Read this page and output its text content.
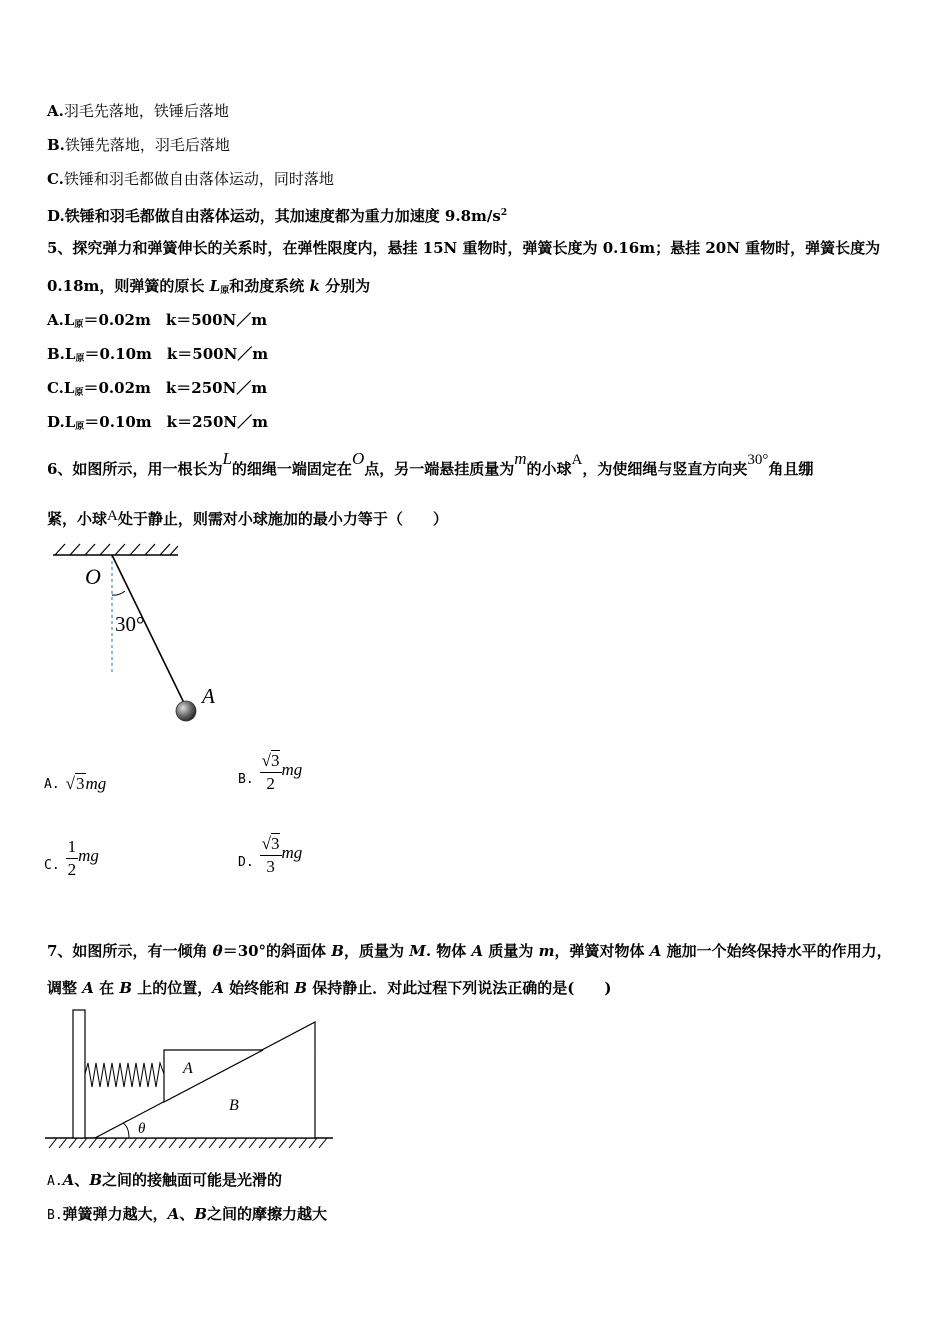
A.羽毛先落地，铁锤后落地
B.铁锤先落地，羽毛后落地
C.铁锤和羽毛都做自由落体运动，同时落地
D.铁锤和羽毛都做自由落体运动，其加速度都为重力加速度 $9.8m/s^2$
5、探究弹力和弹簧伸长的关系时，在弹性限度内，悬挂 15N 重物时，弹簧长度为 0.16m；悬挂 20N 重物时，弹簧长度为
0.18m，则弹簧的原长 $L_原$和劲度系统 k 分别为
$A.L_原=0.02m$　k＝500N／m
$B.L_原=0.10m$　k＝500N／m
$C.L_原=0.02m$　k＝250N／m
$D.L_原=0.10m$　k＝250N／m
6、如图所示，用一根长为L的细绳一端固定在O点，另一端悬挂质量为m的小球A，为使细绳与竖直方向夹30°角且绷
紧，小球A处于静止，则需对小球施加的最小力等于（　　）
O
30°
A
A. √3 mg	B. $\frac{√3}{2}$ mg
C. $\frac{1}{2}$ mg	D. $\frac{√3}{3}$ mg
7、如图所示，有一倾角 θ＝30°的斜面体 B，质量为 M. 物体 A 质量为 m，弹簧对物体 A 施加一个始终保持水平的作用力，
调整 A 在 B 上的位置，A 始终能和 B 保持静止．对此过程下列说法正确的是(　　)
A
B
θ
A.A、B之间的接触面可能是光滑的
B.弹簧弹力越大，A、B之间的摩擦力越大
